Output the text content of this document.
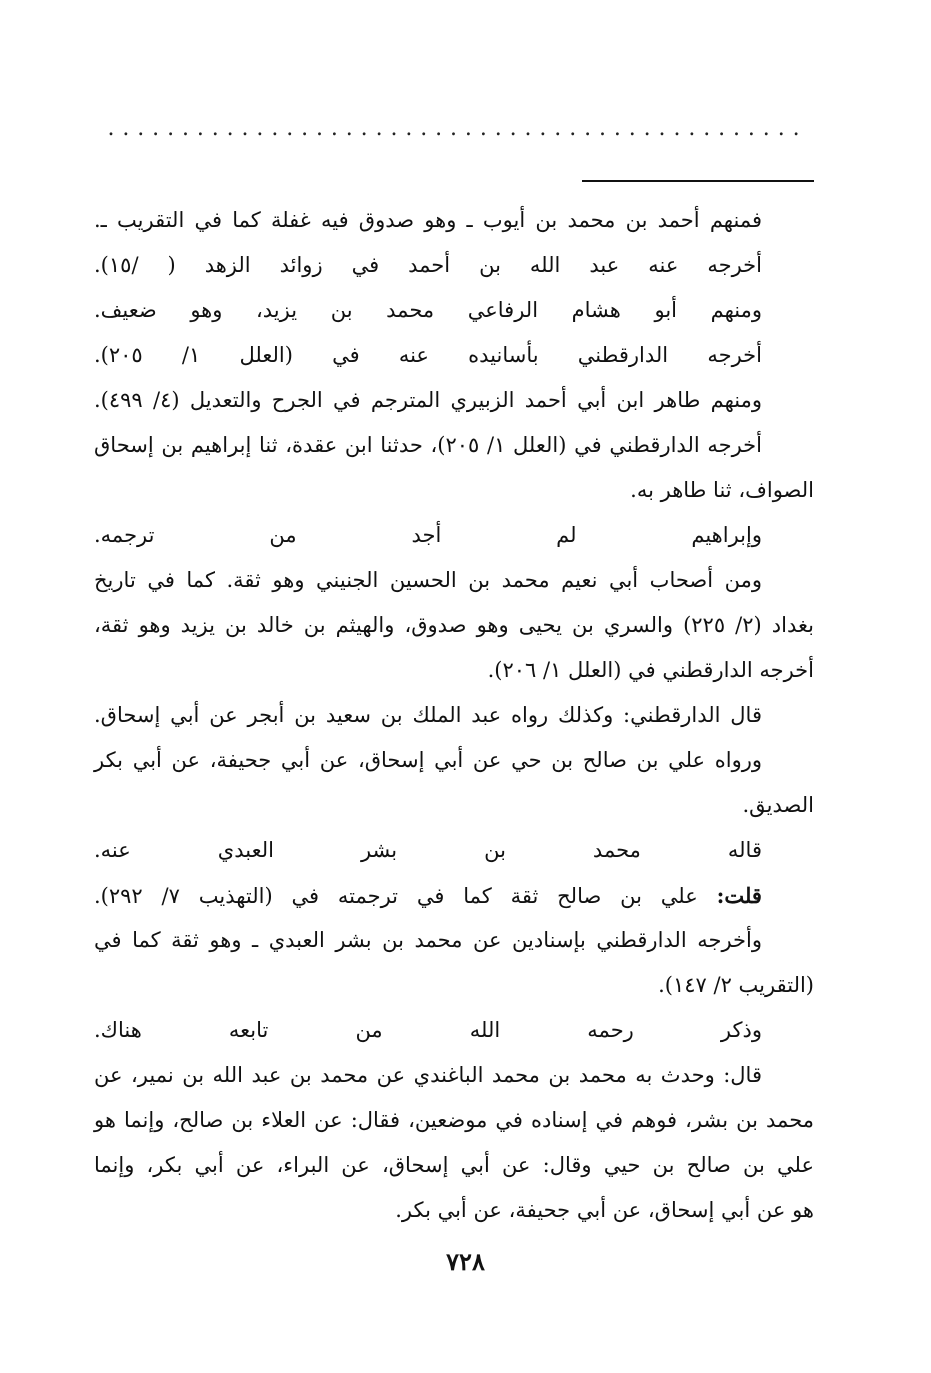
...............................................
فمنهم أحمد بن محمد بن أيوب ـ وهو صدوق فيه غفلة كما في التقريب ـ.
أخرجه عنه عبد الله بن أحمد في زوائد الزهد ( /١٥).
ومنهم أبو هشام الرفاعي محمد بن يزيد، وهو ضعيف.
أخرجه الدارقطني بأسانيده عنه في (العلل ١/ ٢٠٥).
ومنهم طاهر ابن أبي أحمد الزبيري المترجم في الجرح والتعديل (٤/ ٤٩٩).
أخرجه الدارقطني في (العلل ١/ ٢٠٥)، حدثنا ابن عقدة، ثنا إبراهيم بن إسحاق
الصواف، ثنا طاهر به.
وإبراهيم لم أجد من ترجمه.
ومن أصحاب أبي نعيم محمد بن الحسين الجنيني وهو ثقة. كما في تاريخ
بغداد (٢/ ٢٢٥) والسري بن يحيى وهو صدوق، والهيثم بن خالد بن يزيد وهو ثقة،
أخرجه الدارقطني في (العلل ١/ ٢٠٦).
قال الدارقطني: وكذلك رواه عبد الملك بن سعيد بن أبجر عن أبي إسحاق.
ورواه علي بن صالح بن حي عن أبي إسحاق، عن أبي جحيفة، عن أبي بكر
الصديق.
قاله محمد بن بشر العبدي عنه.
قلت: علي بن صالح ثقة كما في ترجمته في (التهذيب ٧/ ٢٩٢).
وأخرجه الدارقطني بإسنادين عن محمد بن بشر العبدي ـ وهو ثقة كما في
(التقريب ٢/ ١٤٧).
وذكر رحمه الله من تابعه هناك.
قال: وحدث به محمد بن محمد الباغندي عن محمد بن عبد الله بن نمير، عن
محمد بن بشر، فوهم في إسناده في موضعين، فقال: عن العلاء بن صالح، وإنما هو
علي بن صالح بن حيي وقال: عن أبي إسحاق، عن البراء، عن أبي بكر، وإنما
هو عن أبي إسحاق، عن أبي جحيفة، عن أبي بكر.
٧٢٨
